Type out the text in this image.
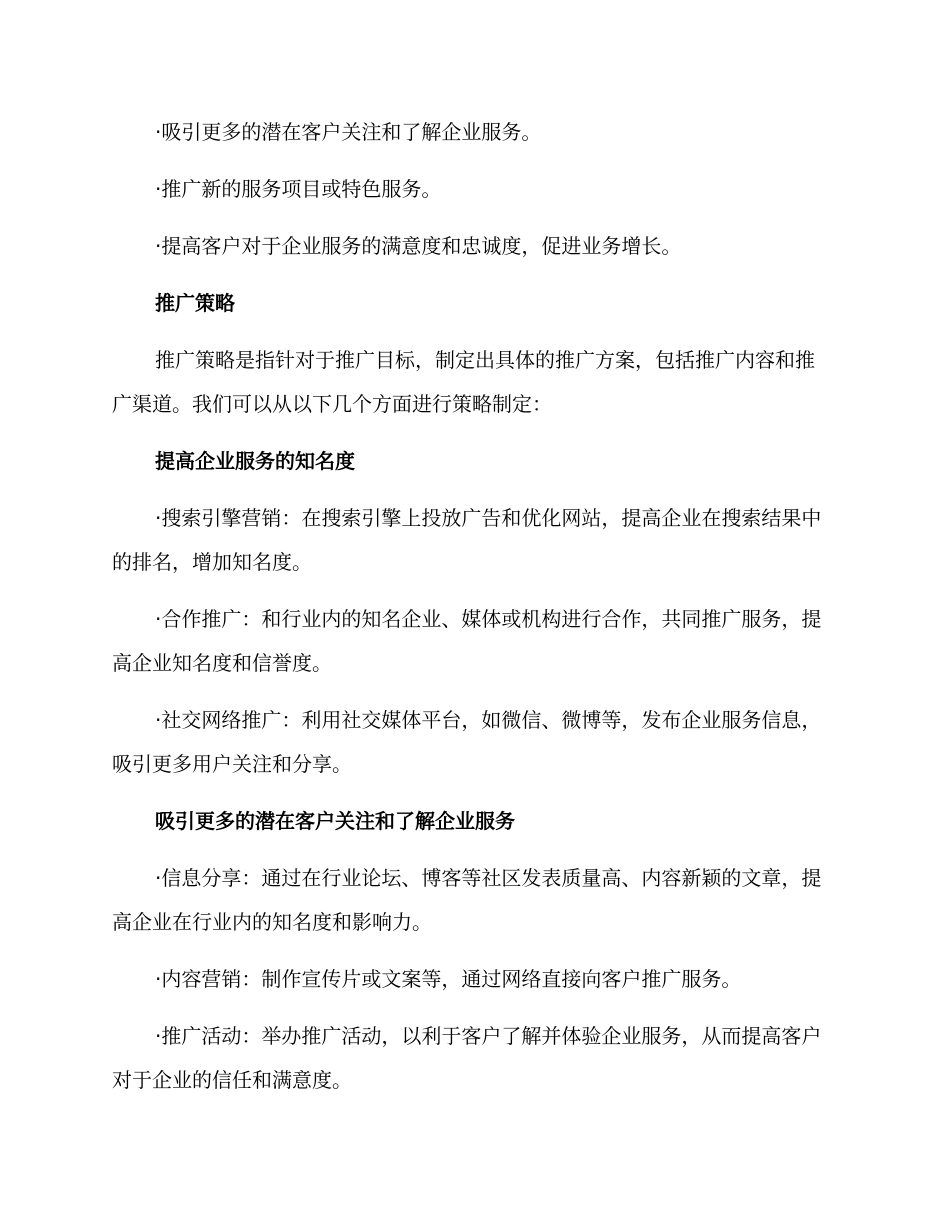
·吸引更多的潜在客户关注和了解企业服务。

·推广新的服务项目或特色服务。

·提高客户对于企业服务的满意度和忠诚度，促进业务增长。

推广策略

推广策略是指针对于推广目标，制定出具体的推广方案，包括推广内容和推广渠道。我们可以从以下几个方面进行策略制定：

提高企业服务的知名度

·搜索引擎营销：在搜索引擎上投放广告和优化网站，提高企业在搜索结果中的排名，增加知名度。

·合作推广：和行业内的知名企业、媒体或机构进行合作，共同推广服务，提高企业知名度和信誉度。

·社交网络推广：利用社交媒体平台，如微信、微博等，发布企业服务信息，吸引更多用户关注和分享。

吸引更多的潜在客户关注和了解企业服务

·信息分享：通过在行业论坛、博客等社区发表质量高、内容新颖的文章，提高企业在行业内的知名度和影响力。

·内容营销：制作宣传片或文案等，通过网络直接向客户推广服务。

·推广活动：举办推广活动，以利于客户了解并体验企业服务，从而提高客户对于企业的信任和满意度。
